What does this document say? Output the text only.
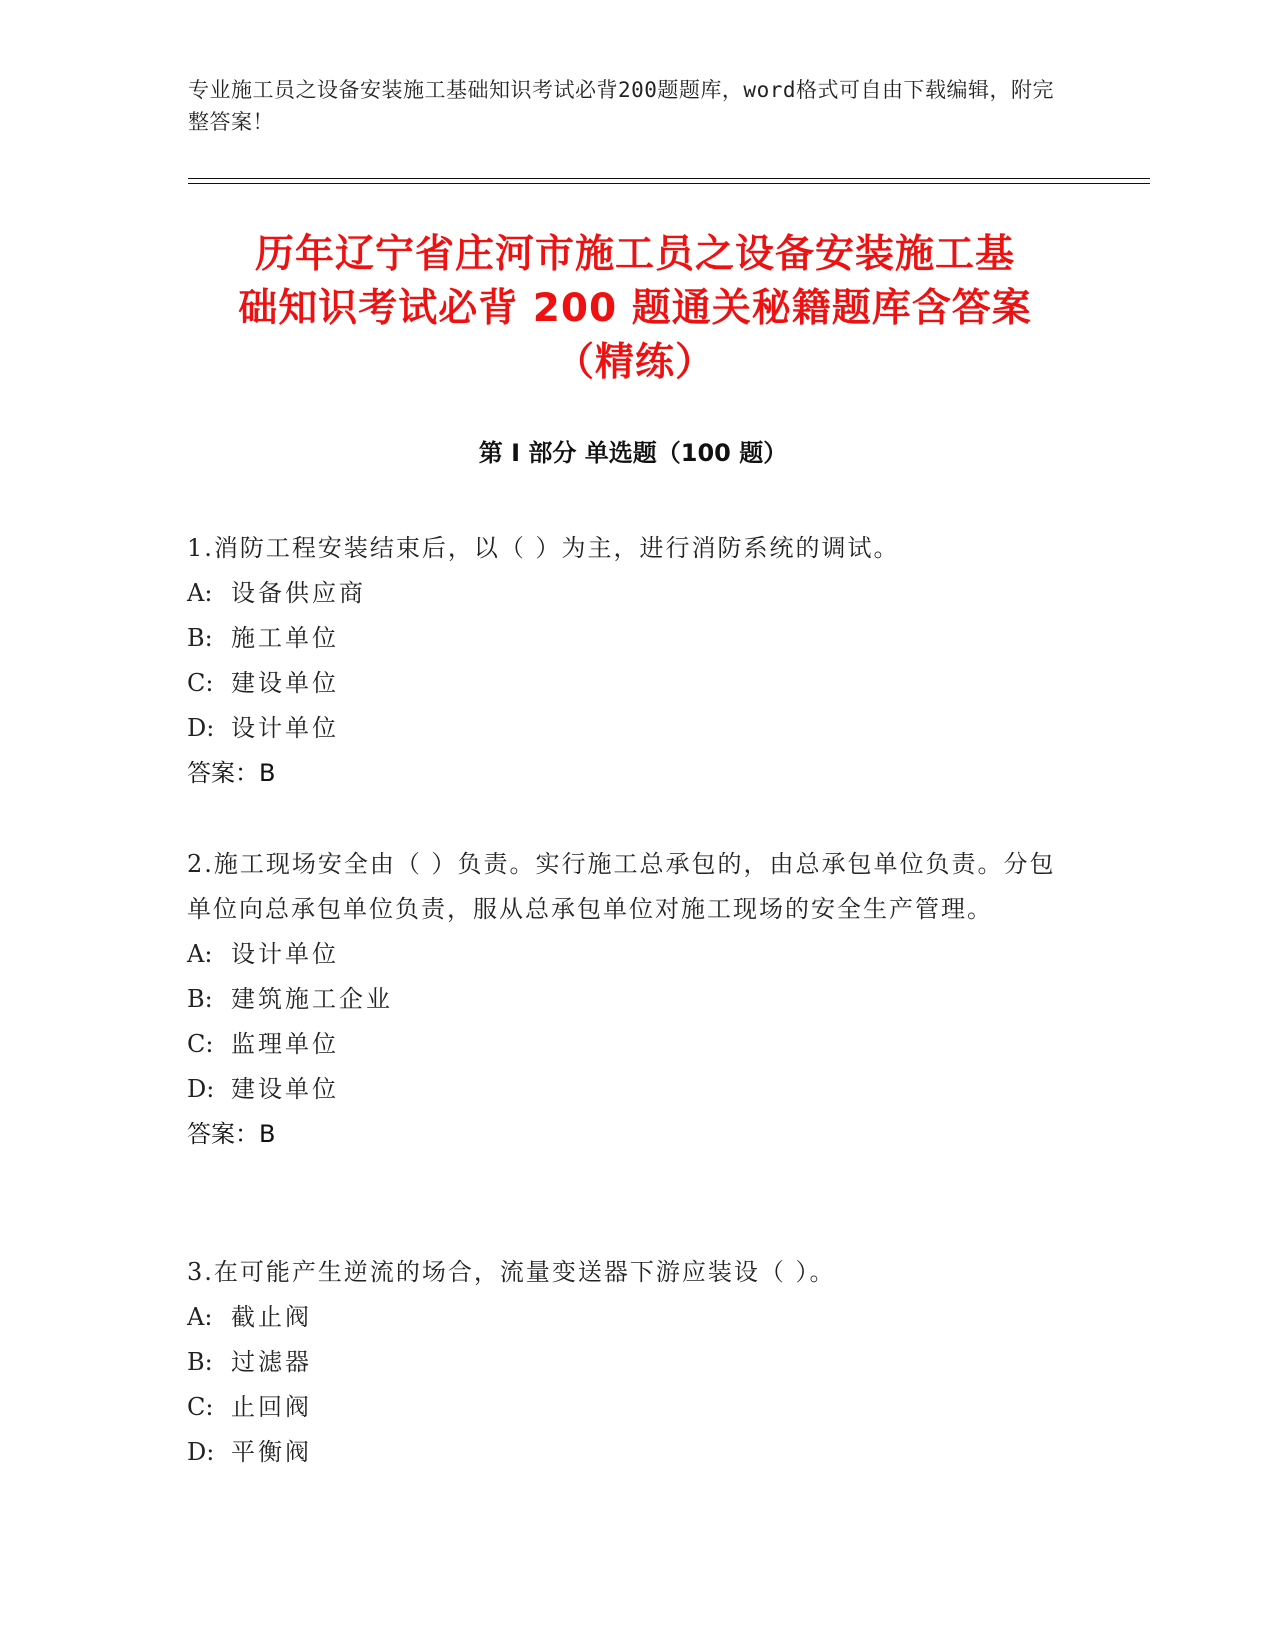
专业施工员之设备安装施工基础知识考试必背200题题库，word格式可自由下载编辑，附完整答案！
历年辽宁省庄河市施工员之设备安装施工基
础知识考试必背 200 题通关秘籍题库含答案
（精练）
第 I 部分 单选题（100 题）
1.消防工程安装结束后，以（ ）为主，进行消防系统的调试。
A: 设备供应商
B: 施工单位
C: 建设单位
D: 设计单位
答案：B
2.施工现场安全由（ ）负责。实行施工总承包的，由总承包单位负责。分包单位向总承包单位负责，服从总承包单位对施工现场的安全生产管理。
A: 设计单位
B: 建筑施工企业
C: 监理单位
D: 建设单位
答案：B
3.在可能产生逆流的场合，流量变送器下游应装设（ ）。
A: 截止阀
B: 过滤器
C: 止回阀
D: 平衡阀
